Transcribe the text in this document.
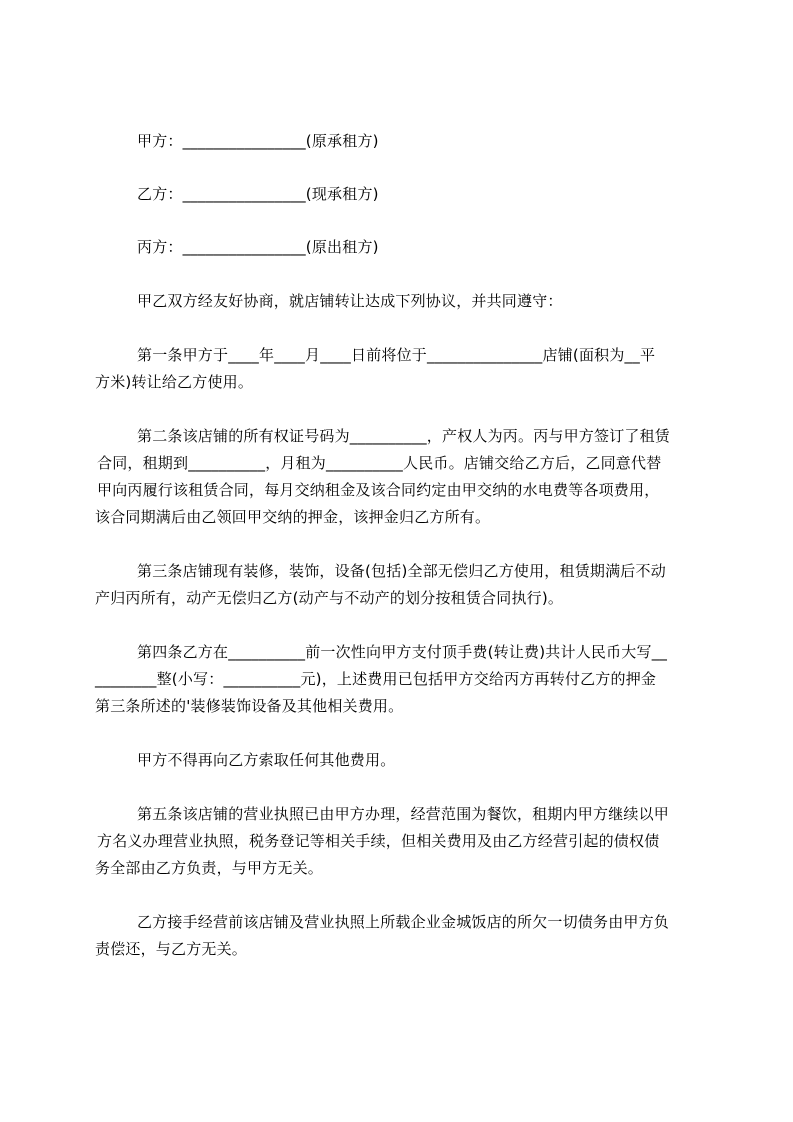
甲方：________________(原承租方)

乙方：________________(现承租方)

丙方：________________(原出租方)

甲乙双方经友好协商，就店铺转让达成下列协议，并共同遵守：

第一条甲方于____年____月____日前将位于_______________店铺(面积为__平

方米)转让给乙方使用。

第二条该店铺的所有权证号码为__________，产权人为丙。丙与甲方签订了租赁

合同，租期到__________，月租为__________人民币。店铺交给乙方后，乙同意代替

甲向丙履行该租赁合同，每月交纳租金及该合同约定由甲交纳的水电费等各项费用，

该合同期满后由乙领回甲交纳的押金，该押金归乙方所有。

第三条店铺现有装修，装饰，设备(包括)全部无偿归乙方使用，租赁期满后不动

产归丙所有，动产无偿归乙方(动产与不动产的划分按租赁合同执行)。

第四条乙方在__________前一次性向甲方支付顶手费(转让费)共计人民币大写__

________整(小写：__________元)，上述费用已包括甲方交给丙方再转付乙方的押金

第三条所述的'装修装饰设备及其他相关费用。

甲方不得再向乙方索取任何其他费用。

第五条该店铺的营业执照已由甲方办理，经营范围为餐饮，租期内甲方继续以甲

方名义办理营业执照，税务登记等相关手续，但相关费用及由乙方经营引起的债权债

务全部由乙方负责，与甲方无关。

乙方接手经营前该店铺及营业执照上所载企业金城饭店的所欠一切债务由甲方负

责偿还，与乙方无关。
